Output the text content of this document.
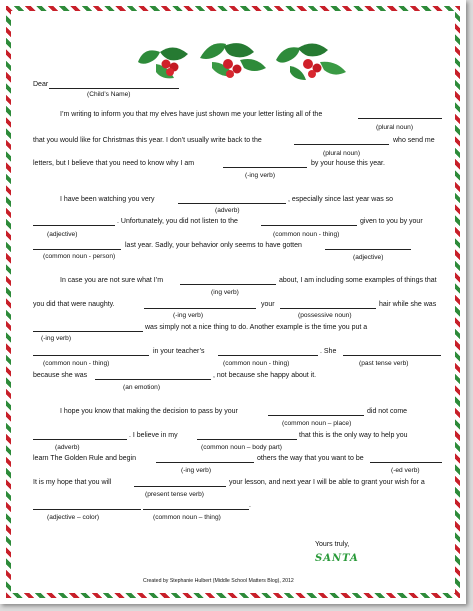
Dear
(Child’s Name)
I’m writing to inform you that my elves have just shown me your letter listing all of the
(plural noun)
that you would like for Christmas this year. I don’t usually write back to the	who send me
(plural noun)
letters, but I believe that you need to know why I am	by your house this year.
(-ing verb)
I have been watching you very	, especially since last year was so
(adverb)
. Unfortunately, you did not listen to the	given to you by your
(adjective)	(common noun - thing)
last year. Sadly, your behavior only seems to have gotten
(common noun - person)	(adjective)
In case you are not sure what I’m	about, I am including some examples of things that
(ing verb)
you did that were naughty.	your	hair while she was
(-ing verb)	(possessive noun)
was simply not a nice thing to do. Another example is the time you put a
(-ing verb)
in your teacher’s	. She
(common noun - thing)	(common noun - thing)	(past tense verb)
because she was	, not because she happy about it.
(an emotion)
I hope you know that making the decision to pass by your	did not come
(common noun – place)
. I believe in my	that this is the only way to help you
(adverb)	(common noun – body part)
learn The Golden Rule and begin	others the way that you want to be
(-ing verb)	(-ed verb)
It is my hope that you will	your lesson, and next year I will be able to grant your wish for a
(present tense verb)
.
(adjective – color)	(common noun – thing)
Yours truly,
SANTA
Created by Stephanie Hulbert (Middle School Matters Blog), 2012
